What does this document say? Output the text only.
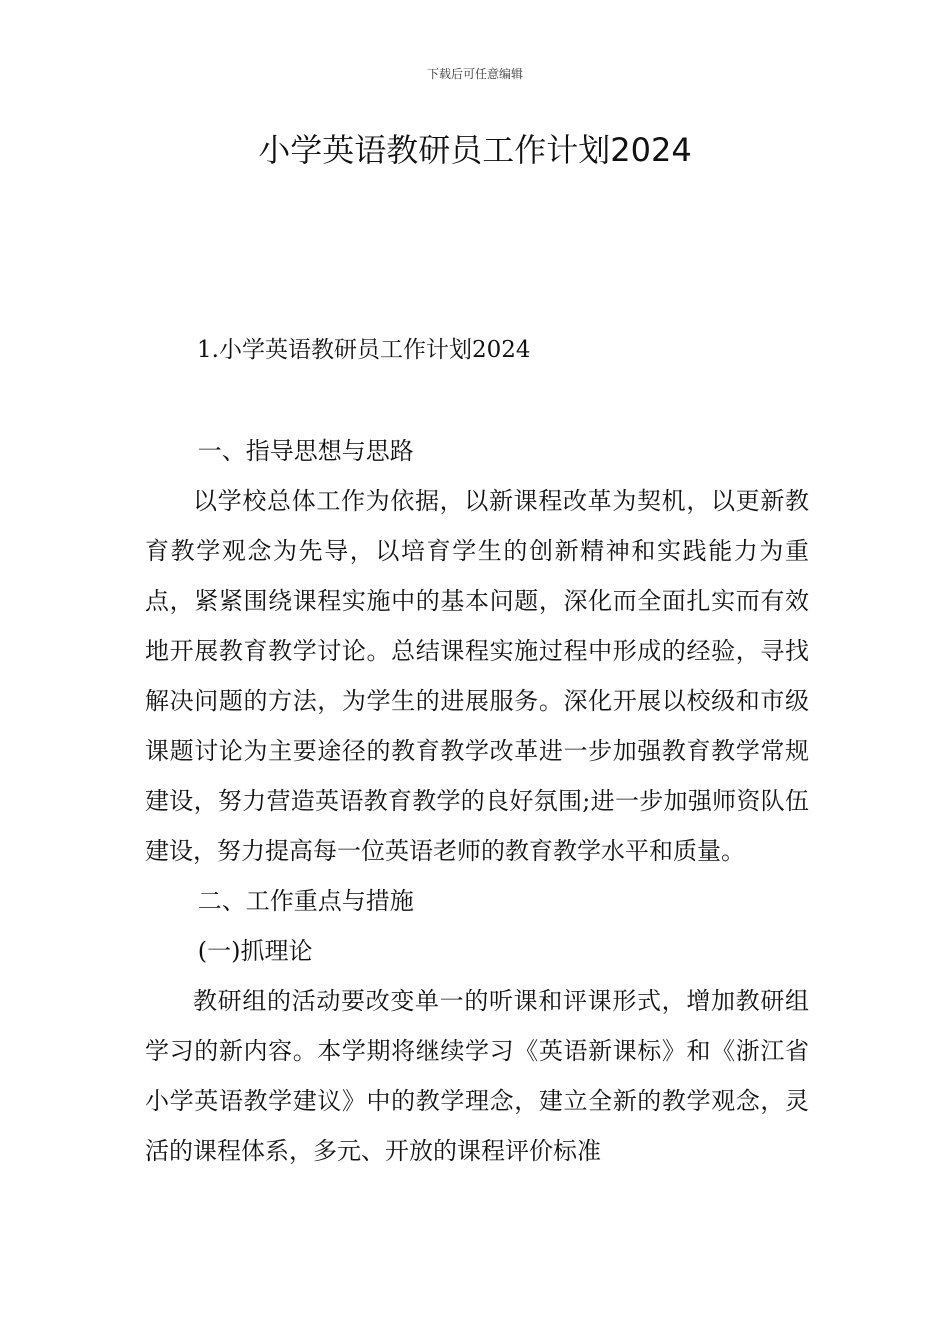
下载后可任意编辑
小学英语教研员工作计划2024
1.小学英语教研员工作计划2024

一、指导思想与思路

以学校总体工作为依据，以新课程改革为契机，以更新教育教学观念为先导，以培育学生的创新精神和实践能力为重点，紧紧围绕课程实施中的基本问题，深化而全面扎实而有效地开展教育教学讨论。总结课程实施过程中形成的经验，寻找解决问题的方法，为学生的进展服务。深化开展以校级和市级课题讨论为主要途径的教育教学改革进一步加强教育教学常规建设，努力营造英语教育教学的良好氛围;进一步加强师资队伍建设，努力提高每一位英语老师的教育教学水平和质量。

二、工作重点与措施

(一)抓理论

教研组的活动要改变单一的听课和评课形式，增加教研组学习的新内容。本学期将继续学习《英语新课标》和《浙江省小学英语教学建议》中的教学理念，建立全新的教学观念，灵活的课程体系，多元、开放的课程评价标准
